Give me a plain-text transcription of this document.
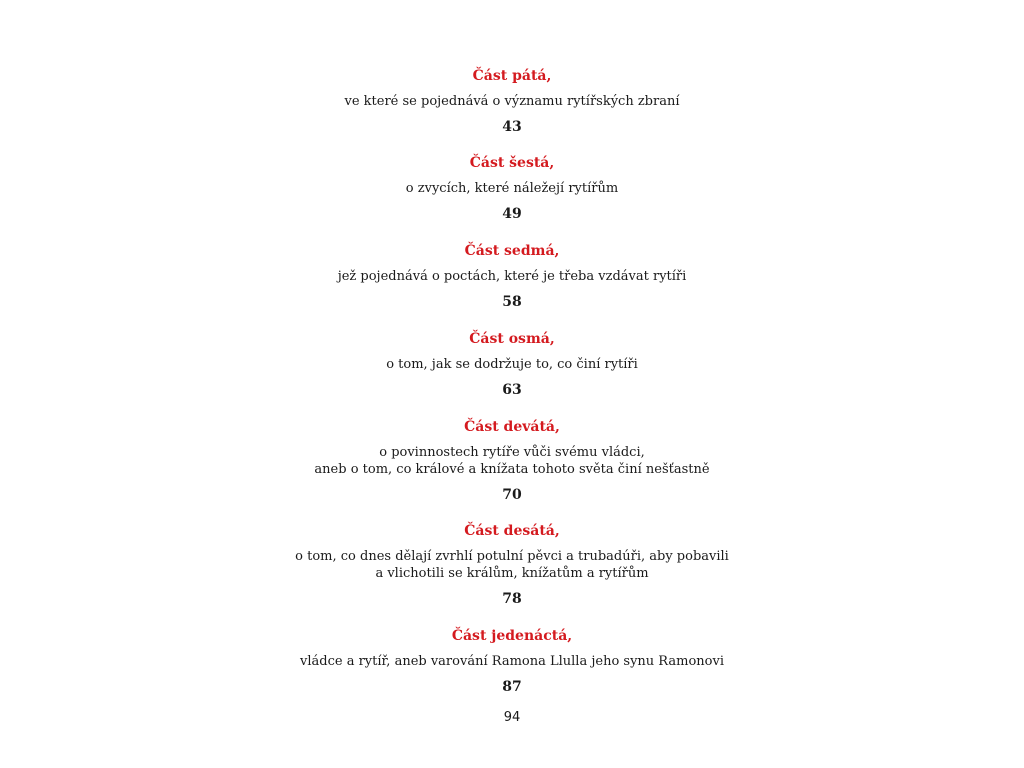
Část pátá,

ve které se pojednává o významu rytířských zbraní

43

Část šestá,

o zvycích, které náležejí rytířům

49

Část sedmá,

jež pojednává o poctách, které je třeba vzdávat rytíři

58

Část osmá,

o tom, jak se dodržuje to, co činí rytíři

63

Část devátá,

o povinnostech rytíře vůči svému vládci,
aneb o tom, co králové a knížata tohoto světa činí nešťastně

70

Část desátá,

o tom, co dnes dělají zvrhlí potulní pěvci a trubadúři, aby pobavili
a vlichotili se králům, knížatům a rytířům

78

Část jedenáctá,

vládce a rytíř, aneb varování Ramona Llulla jeho synu Ramonovi

87

94
